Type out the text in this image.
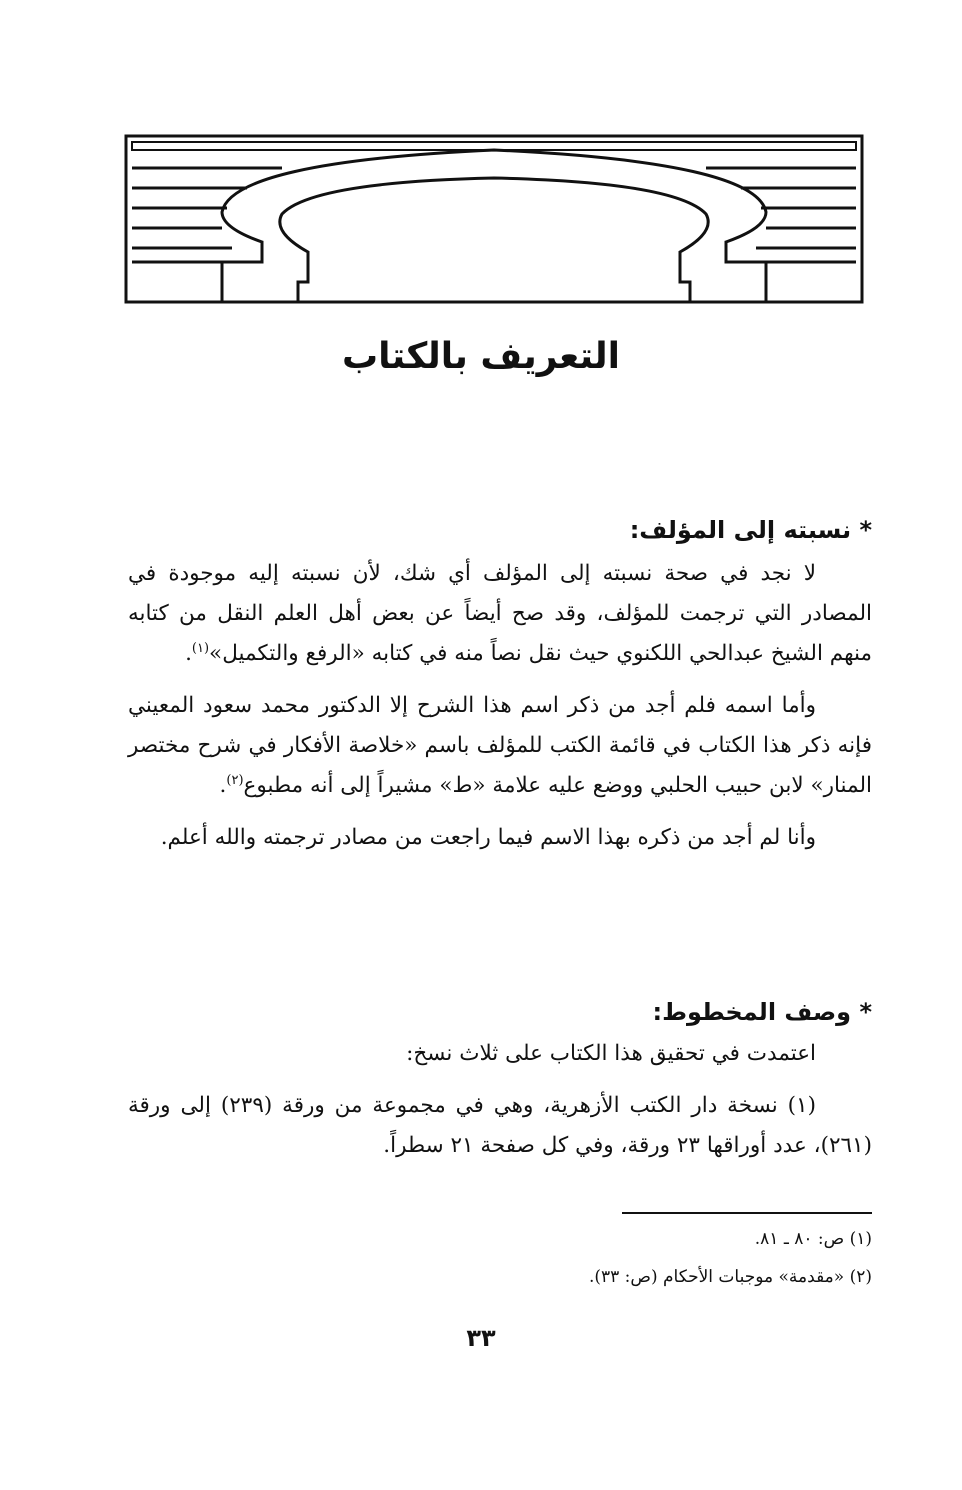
التعريف بالكتاب
* نسبته إلى المؤلف:
لا نجد في صحة نسبته إلى المؤلف أي شك، لأن نسبته إليه موجودة في المصادر التي ترجمت للمؤلف، وقد صح أيضاً عن بعض أهل العلم النقل من كتابه منهم الشيخ عبدالحي اللكنوي حيث نقل نصاً منه في كتابه «الرفع والتكميل»$^{(١)}$.
وأما اسمه فلم أجد من ذكر اسم هذا الشرح إلا الدكتور محمد سعود المعيني فإنه ذكر هذا الكتاب في قائمة الكتب للمؤلف باسم «خلاصة الأفكار في شرح مختصر المنار» لابن حبيب الحلبي ووضع عليه علامة «ط» مشيراً إلى أنه مطبوع$^{(٢)}$.
وأنا لم أجد من ذكره بهذا الاسم فيما راجعت من مصادر ترجمته والله أعلم.
* وصف المخطوط:
اعتمدت في تحقيق هذا الكتاب على ثلاث نسخ:
(١) نسخة دار الكتب الأزهرية، وهي في مجموعة من ورقة (٢٣٩) إلى ورقة (٢٦١)، عدد أوراقها ٢٣ ورقة، وفي كل صفحة ٢١ سطراً.
(١) ص: ٨٠ ـ ٨١.
(٢) «مقدمة» موجبات الأحكام (ص: ٣٣).
٣٣
